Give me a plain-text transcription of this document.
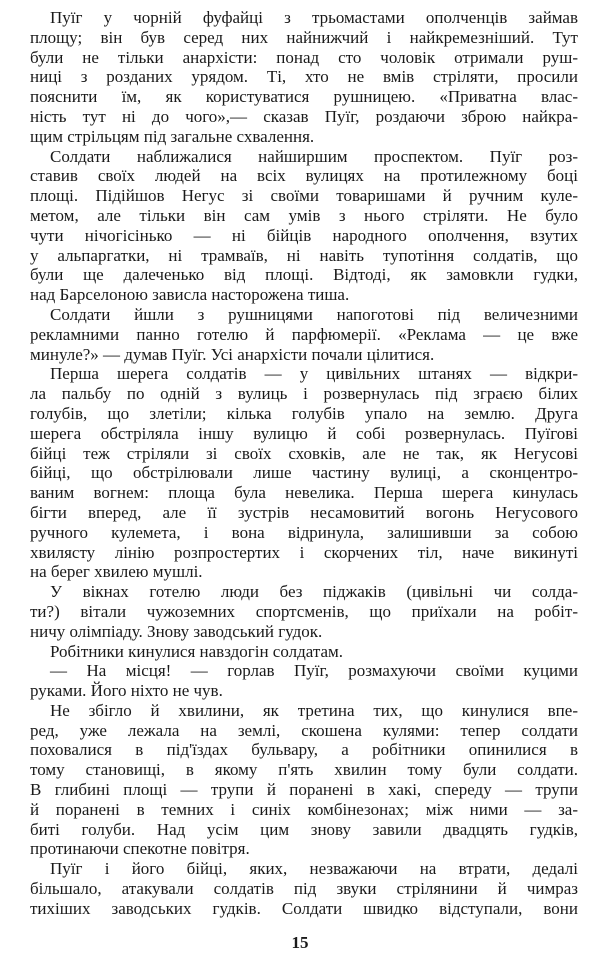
Пуїг у чорній фуфайці з трьомастами ополченців займав
площу; він був серед них найнижчий і найкремезніший. Тут
були не тільки анархісти: понад сто чоловік отримали руш-
ниці з розданих урядом. Ті, хто не вмів стріляти, просили
пояснити їм, як користуватися рушницею. «Приватна влас-
ність тут ні до чого»,— сказав Пуїг, роздаючи зброю найкра-
щим стрільцям під загальне схвалення.
Солдати наближалися найширшим проспектом. Пуїг роз-
ставив своїх людей на всіх вулицях на протилежному боці
площі. Підійшов Негус зі своїми товаришами й ручним куле-
метом, але тільки він сам умів з нього стріляти. Не було
чути нічогісінько — ні бійців народного ополчення, взутих
у альпаргатки, ні трамваїв, ні навіть тупотіння солдатів, що
були ще далеченько від площі. Відтоді, як замовкли гудки,
над Барселоною зависла насторожена тиша.
Солдати йшли з рушницями напоготові під величезними
рекламними панно готелю й парфюмерії. «Реклама — це вже
минуле?» — думав Пуїг. Усі анархісти почали цілитися.
Перша шерега солдатів — у цивільних штанях — відкри-
ла пальбу по одній з вулиць і розвернулась під зграєю білих
голубів, що злетіли; кілька голубів упало на землю. Друга
шерега обстріляла іншу вулицю й собі розвернулась. Пуїгові
бійці теж стріляли зі своїх сховків, але не так, як Негусові
бійці, що обстрілювали лише частину вулиці, а сконцентро-
ваним вогнем: площа була невелика. Перша шерега кинулась
бігти вперед, але її зустрів несамовитий вогонь Негусового
ручного кулемета, і вона відринула, залишивши за собою
хвилясту лінію розпростертих і скорчених тіл, наче викинуті
на берег хвилею мушлі.
У вікнах готелю люди без піджаків (цивільні чи солда-
ти?) вітали чужоземних спортсменів, що приїхали на робіт-
ничу олімпіаду. Знову заводський гудок.
Робітники кинулися навздогін солдатам.
— На місця! — горлав Пуїг, розмахуючи своїми куцими
руками. Його ніхто не чув.
Не збігло й хвилини, як третина тих, що кинулися впе-
ред, уже лежала на землі, скошена кулями: тепер солдати
поховалися в під'їздах бульвару, а робітники опинилися в
тому становищі, в якому п'ять хвилин тому були солдати.
В глибині площі — трупи й поранені в хакі, спереду — трупи
й поранені в темних і синіх комбінезонах; між ними — за-
биті голуби. Над усім цим знову завили двадцять гудків,
протинаючи спекотне повітря.
Пуїг і його бійці, яких, незважаючи на втрати, дедалі
більшало, атакували солдатів під звуки стрілянини й чимраз
тихіших заводських гудків. Солдати швидко відступали, вони
15
